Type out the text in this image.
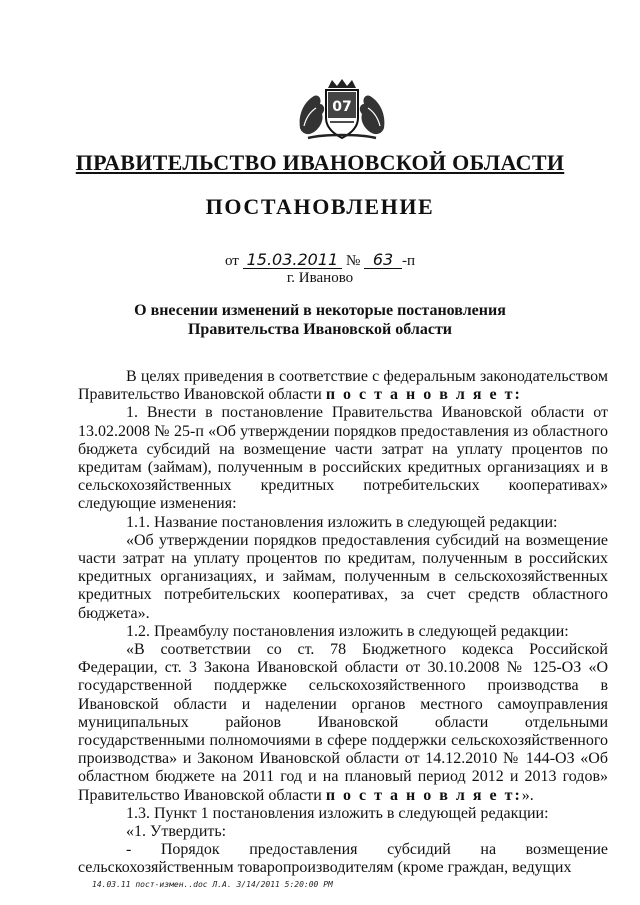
07
ПРАВИТЕЛЬСТВО ИВАНОВСКОЙ ОБЛАСТИ
ПОСТАНОВЛЕНИЕ
от 15.03.2011 № 63 -п
г. Иваново
О внесении изменений в некоторые постановления
Правительства Ивановской области

В целях приведения в соответствие с федеральным законодательством Правительство Ивановской области п о с т а н о в л я е т:

1. Внести в постановление Правительства Ивановской области от 13.02.2008 № 25-п «Об утверждении порядков предоставления из областного бюджета субсидий на возмещение части затрат на уплату процентов по кредитам (займам), полученным в российских кредитных организациях и в сельскохозяйственных кредитных потребительских кооперативах» следующие изменения:

1.1. Название постановления изложить в следующей редакции:

«Об утверждении порядков предоставления субсидий на возмещение части затрат на уплату процентов по кредитам, полученным в российских кредитных организациях, и займам, полученным в сельскохозяйственных кредитных потребительских кооперативах, за счет средств областного бюджета».

1.2. Преамбулу постановления изложить в следующей редакции:

«В соответствии со ст. 78 Бюджетного кодекса Российской Федерации, ст. 3 Закона Ивановской области от 30.10.2008 № 125-ОЗ «О государственной поддержке сельскохозяйственного производства в Ивановской области и наделении органов местного самоуправления муниципальных районов Ивановской области отдельными государственными полномочиями в сфере поддержки сельскохозяйственного производства» и Законом Ивановской области от 14.12.2010 № 144-ОЗ «Об областном бюджете на 2011 год и на плановый период 2012 и 2013 годов» Правительство Ивановской области п о с т а н о в л я е т:».

1.3. Пункт 1 постановления изложить в следующей редакции:

«1. Утвердить:

- Порядок предоставления субсидий на возмещение сельскохозяйственным товаропроизводителям (кроме граждан, ведущих

14.03.11 пост-измен..doc Л.А. 3/14/2011 5:20:00 PM
